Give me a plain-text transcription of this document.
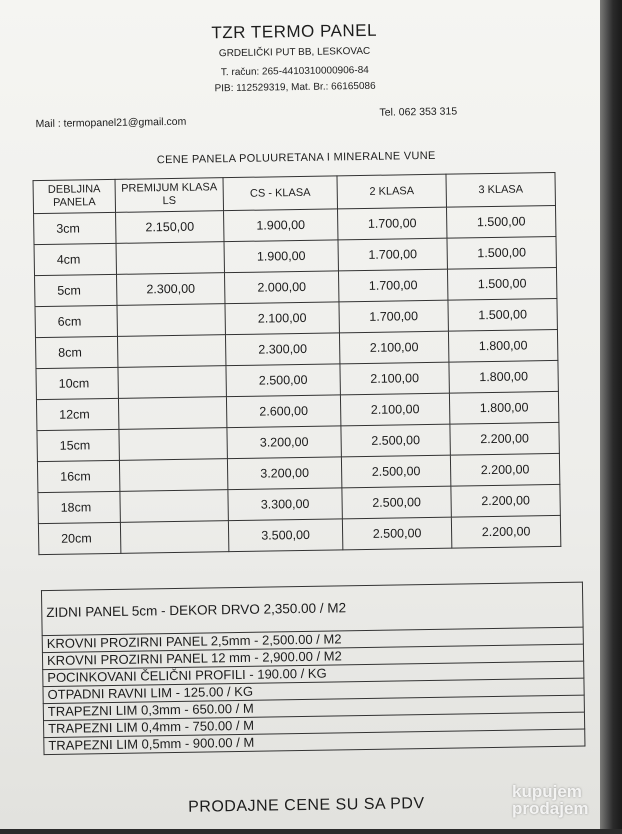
TZR TERMO PANEL
GRDELIČKI PUT BB, LESKOVAC
T. račun: 265-4410310000906-84
PIB: 112529319, Mat. Br.: 66165086
Mail : termopanel21@gmail.com
Tel. 062 353 315
CENE PANELA POLUURETANA I MINERALNE VUNE
DEBLJINA PANELA	PREMIJUM KLASA LS	CS - KLASA	2 KLASA	3 KLASA
3cm	2.150,00	1.900,00	1.700,00	1.500,00
4cm		1.900,00	1.700,00	1.500,00
5cm	2.300,00	2.000,00	1.700,00	1.500,00
6cm		2.100,00	1.700,00	1.500,00
8cm		2.300,00	2.100,00	1.800,00
10cm		2.500,00	2.100,00	1.800,00
12cm		2.600,00	2.100,00	1.800,00
15cm		3.200,00	2.500,00	2.200,00
16cm		3.200,00	2.500,00	2.200,00
18cm		3.300,00	2.500,00	2.200,00
20cm		3.500,00	2.500,00	2.200,00
ZIDNI PANEL 5cm - DEKOR DRVO 2,350.00 / M2
KROVNI PROZIRNI PANEL 2,5mm - 2,500.00 / M2
KROVNI PROZIRNI PANEL 12 mm - 2,900.00 / M2
POCINKOVANI ČELIČNI PROFILI - 190.00 / KG
OTPADNI RAVNI LIM - 125.00 / KG
TRAPEZNI LIM 0,3mm - 650.00 / M
TRAPEZNI LIM 0,4mm - 750.00 / M
TRAPEZNI LIM 0,5mm - 900.00 / M
PRODAJNE CENE SU SA PDV
kupujem
prodajem
